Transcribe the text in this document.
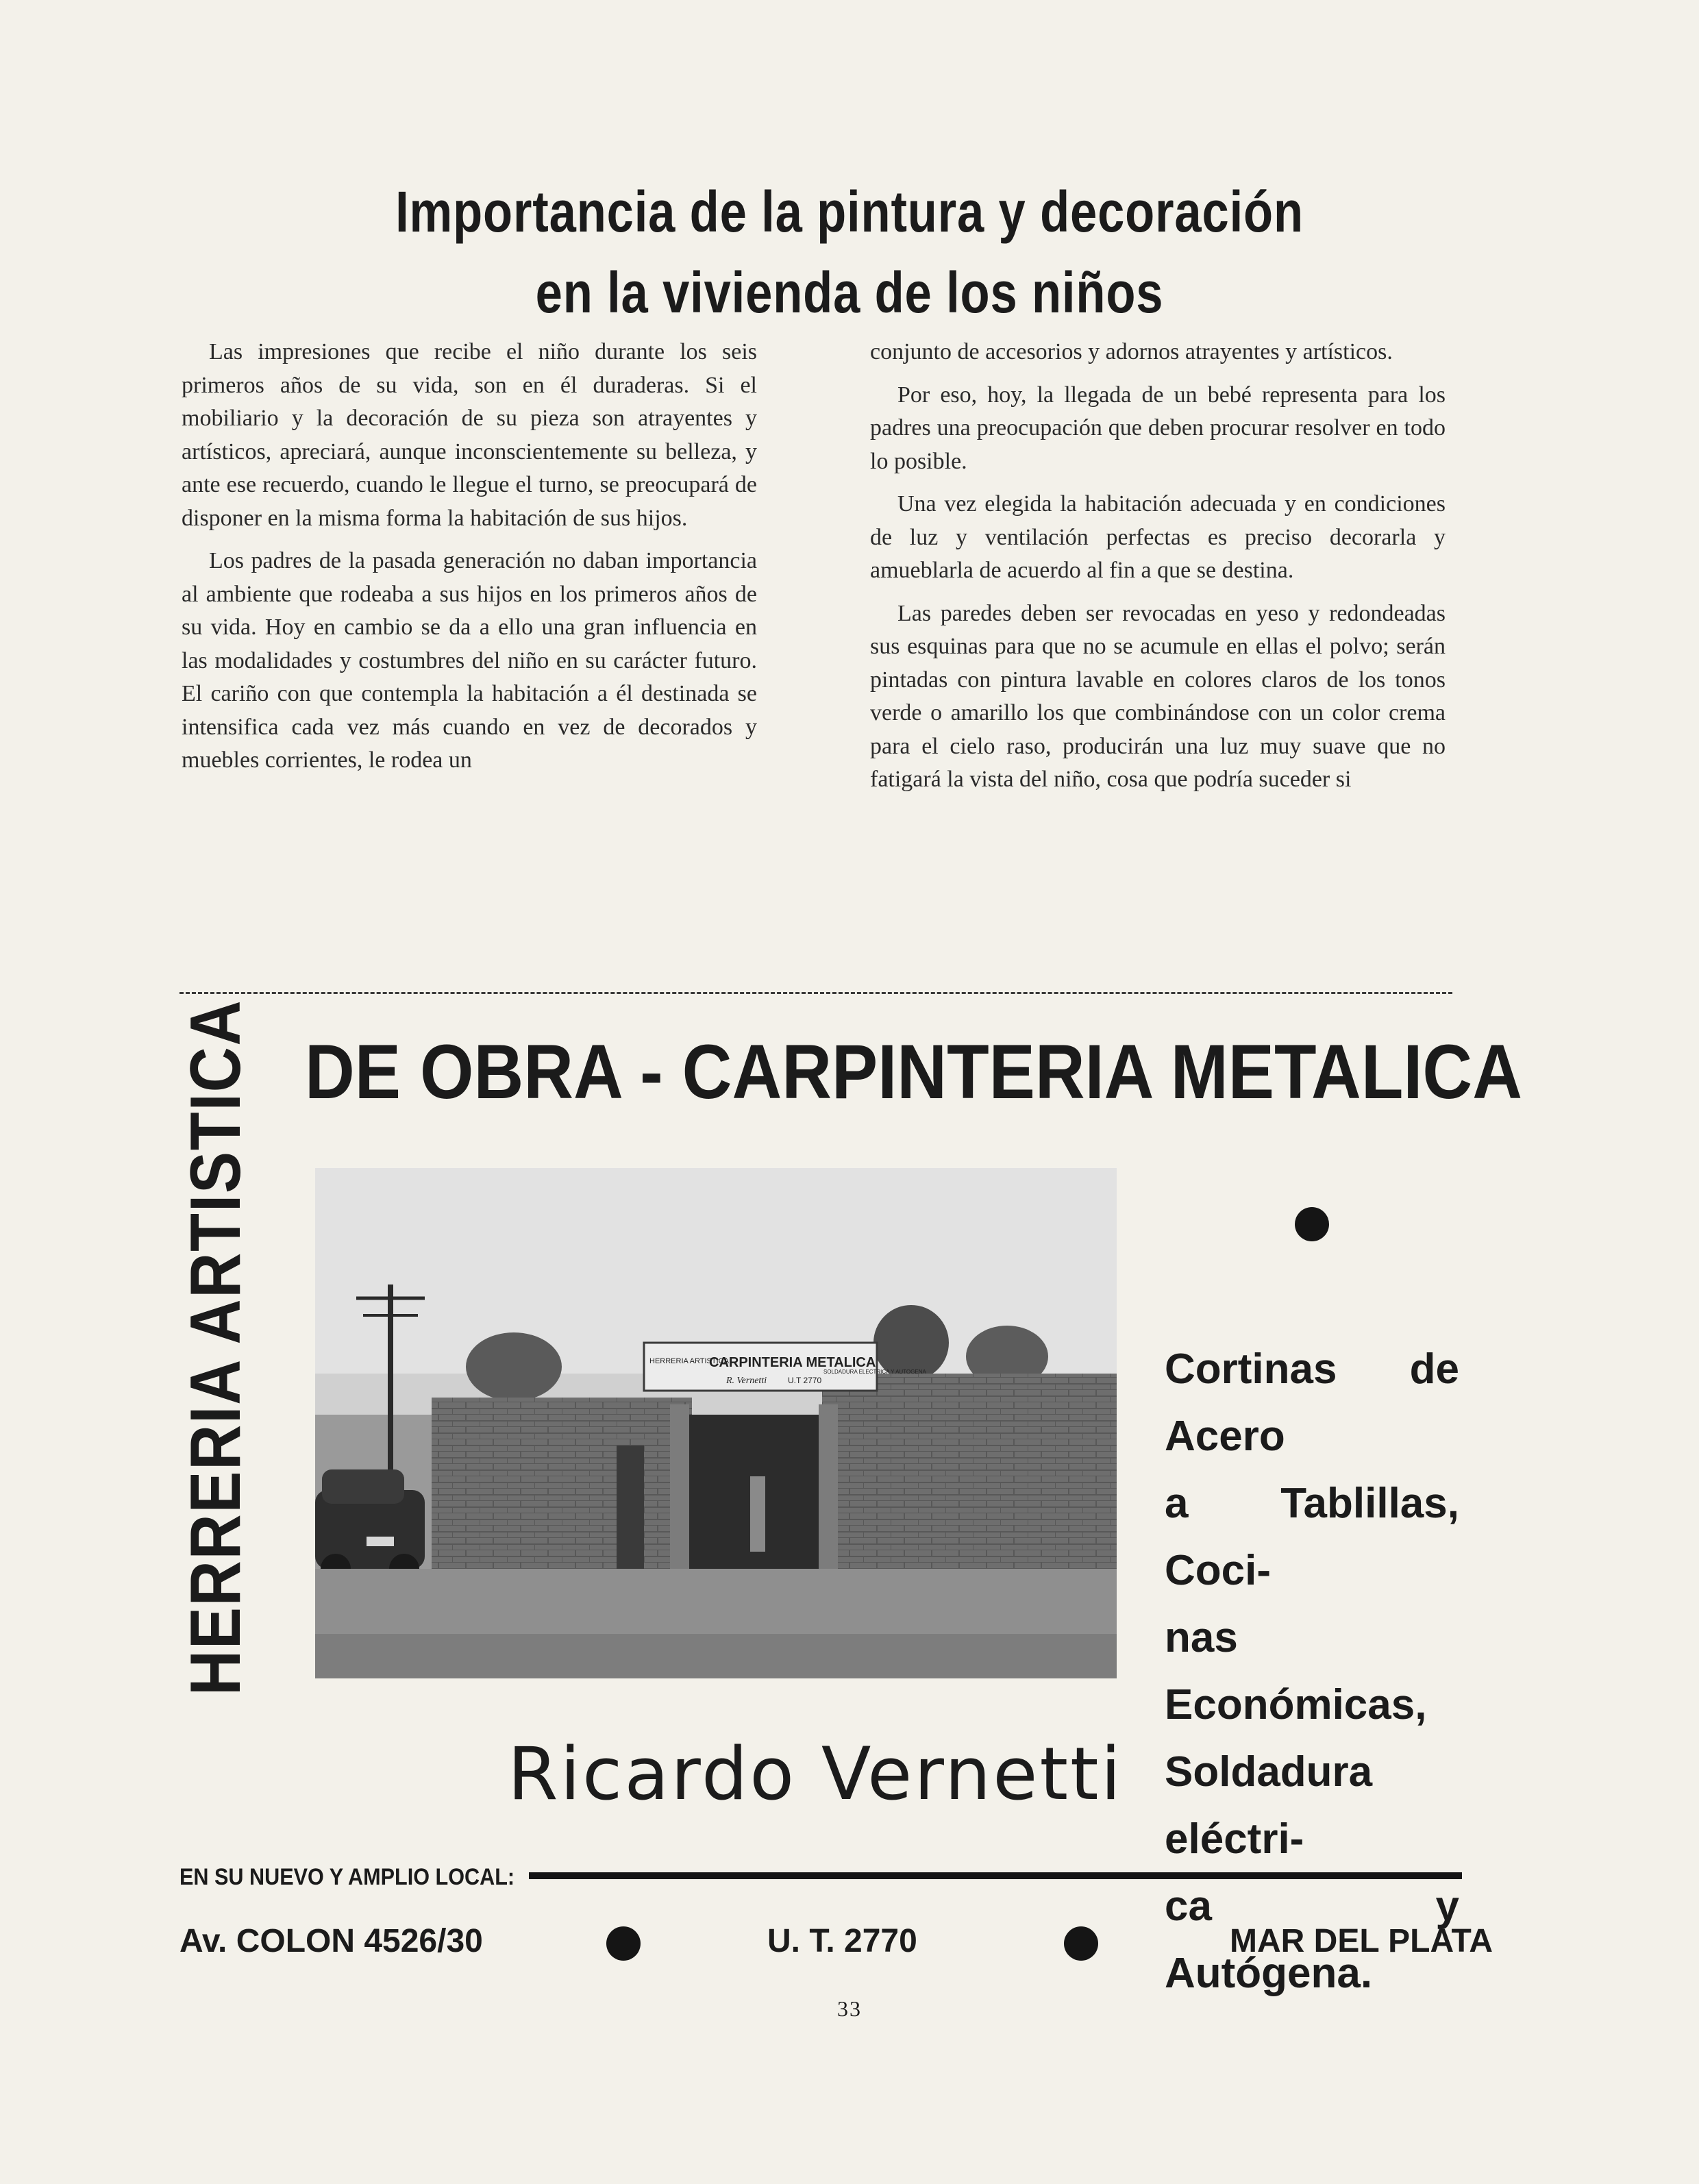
Importancia de la pintura y decoración
en la vivienda de los niños

Las impresiones que recibe el niño durante los seis primeros años de su vida, son en él duraderas. Si el mobiliario y la decoración de su pieza son atrayentes y artísticos, apreciará, aunque inconscientemente su belleza, y ante ese recuerdo, cuando le llegue el turno, se preocupará de disponer en la misma forma la habitación de sus hijos.

Los padres de la pasada generación no daban importancia al ambiente que rodeaba a sus hijos en los primeros años de su vida. Hoy en cambio se da a ello una gran influencia en las modalidades y costumbres del niño en su carácter futuro. El cariño con que contempla la habitación a él destinada se intensifica cada vez más cuando en vez de decorados y muebles corrientes, le rodea un

conjunto de accesorios y adornos atrayentes y artísticos.

Por eso, hoy, la llegada de un bebé representa para los padres una preocupación que deben procurar resolver en todo lo posible.

Una vez elegida la habitación adecuada y en condiciones de luz y ventilación perfectas es preciso decorarla y amueblarla de acuerdo al fin a que se destina.

Las paredes deben ser revocadas en yeso y redondeadas sus esquinas para que no se acumule en ellas el polvo; serán pintadas con pintura lavable en colores claros de los tonos verde o amarillo los que combinándose con un color crema para el cielo raso, producirán una luz muy suave que no fatigará la vista del niño, cosa que podría suceder si

HERRERIA ARTISTICA DE OBRA - CARPINTERIA METALICA
CARPINTERIA METALICA
HERRERIA ARTISTICA
R. Vernetti	U.T 2770
SOLDADURA ELECTRICA Y AUTOGENA	Cortinas de Acero
a Tablillas, Coci-
nas Económicas,
Soldadura eléctri-
ca y Autógena.
Ricardo Vernetti
EN SU NUEVO Y AMPLIO LOCAL:
Av. COLON 4526/30	U. T. 2770	MAR DEL PLATA
33
